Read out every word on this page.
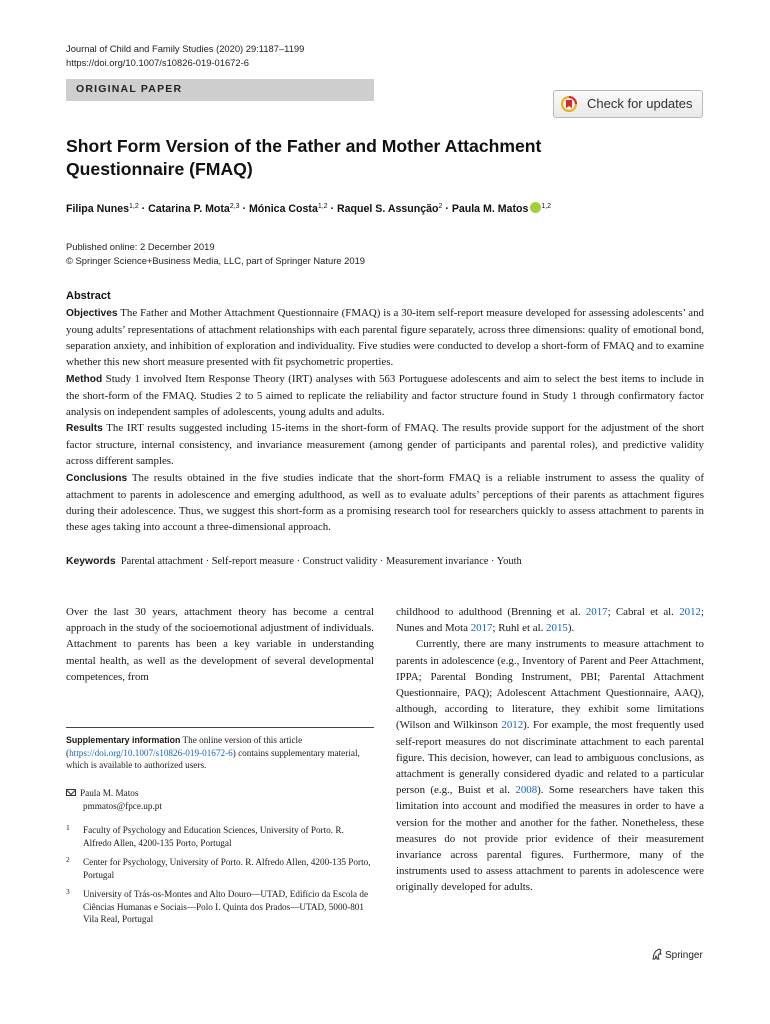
Journal of Child and Family Studies (2020) 29:1187–1199
https://doi.org/10.1007/s10826-019-01672-6
ORIGINAL PAPER
Check for updates
Short Form Version of the Father and Mother Attachment Questionnaire (FMAQ)
Filipa Nunes$^{1,2}$ · Catarina P. Mota$^{2,3}$ · Mónica Costa$^{1,2}$ · Raquel S. Assunção$^2$ · Paula M. Matos $^{1,2}$
Published online: 2 December 2019
© Springer Science+Business Media, LLC, part of Springer Nature 2019
Abstract

Objectives The Father and Mother Attachment Questionnaire (FMAQ) is a 30-item self-report measure developed for assessing adolescents’ and young adults’ representations of attachment relationships with each parental figure separately, across three dimensions: quality of emotional bond, separation anxiety, and inhibition of exploration and individuality. Five studies were conducted to develop a short-form of FMAQ and to examine whether this new short measure presented with fit psychometric properties.

Method Study 1 involved Item Response Theory (IRT) analyses with 563 Portuguese adolescents and aim to select the best items to include in the short-form of the FMAQ. Studies 2 to 5 aimed to replicate the reliability and factor structure found in Study 1 through confirmatory factor analysis on independent samples of adolescents, young adults and adults.

Results The IRT results suggested including 15-items in the short-form of FMAQ. The results provide support for the adjustment of the short factor structure, internal consistency, and invariance measurement (among gender of participants and parental roles), and predictive validity across different samples.

Conclusions The results obtained in the five studies indicate that the short-form FMAQ is a reliable instrument to assess the quality of attachment to parents in adolescence and emerging adulthood, as well as to evaluate adults’ perceptions of their parents as attachment figures during their adolescence. Thus, we suggest this short-form as a promising research tool for researchers quickly to assess attachment to parents in these ages taking into account a three-dimensional approach.

Keywords Parental attachment · Self-report measure · Construct validity · Measurement invariance · Youth

Over the last 30 years, attachment theory has become a central approach in the study of the socioemotional adjustment of individuals. Attachment to parents has been a key variable in understanding mental health, as well as the development of several developmental competences, from

childhood to adulthood (Brenning et al. 2017; Cabral et al. 2012; Nunes and Mota 2017; Ruhl et al. 2015).

Currently, there are many instruments to measure attachment to parents in adolescence (e.g., Inventory of Parent and Peer Attachment, IPPA; Parental Bonding Instrument, PBI; Parental Attachment Questionnaire, PAQ); Adolescent Attachment Questionnaire, AAQ), although, according to literature, they exhibit some limitations (Wilson and Wilkinson 2012). For example, the most frequently used self-report measures do not discriminate attachment to each parental figure. This decision, however, can lead to ambiguous conclusions, as attachment is generally considered dyadic and related to a particular person (e.g., Buist et al. 2008). Some researchers have taken this limitation into account and modified the measures in order to have a version for the mother and another for the father. Nonetheless, these measures do not provide prior evidence of their measurement invariance across parental figures. Furthermore, many of the instruments used to assess attachment to parents in adolescence were originally developed for adults.

Supplementary information The online version of this article (https://doi.org/10.1007/s10826-019-01672-6) contains supplementary material, which is available to authorized users.
Paula M. Matos
pmmatos@fpce.up.pt
1 Faculty of Psychology and Education Sciences, University of Porto. R. Alfredo Allen, 4200-135 Porto, Portugal
2 Center for Psychology, University of Porto. R. Alfredo Allen, 4200-135 Porto, Portugal
3 University of Trás-os-Montes and Alto Douro—UTAD, Edifício da Escola de Ciências Humanas e Sociais—Polo I. Quinta dos Prados—UTAD, 5000-801 Vila Real, Portugal
Springer
